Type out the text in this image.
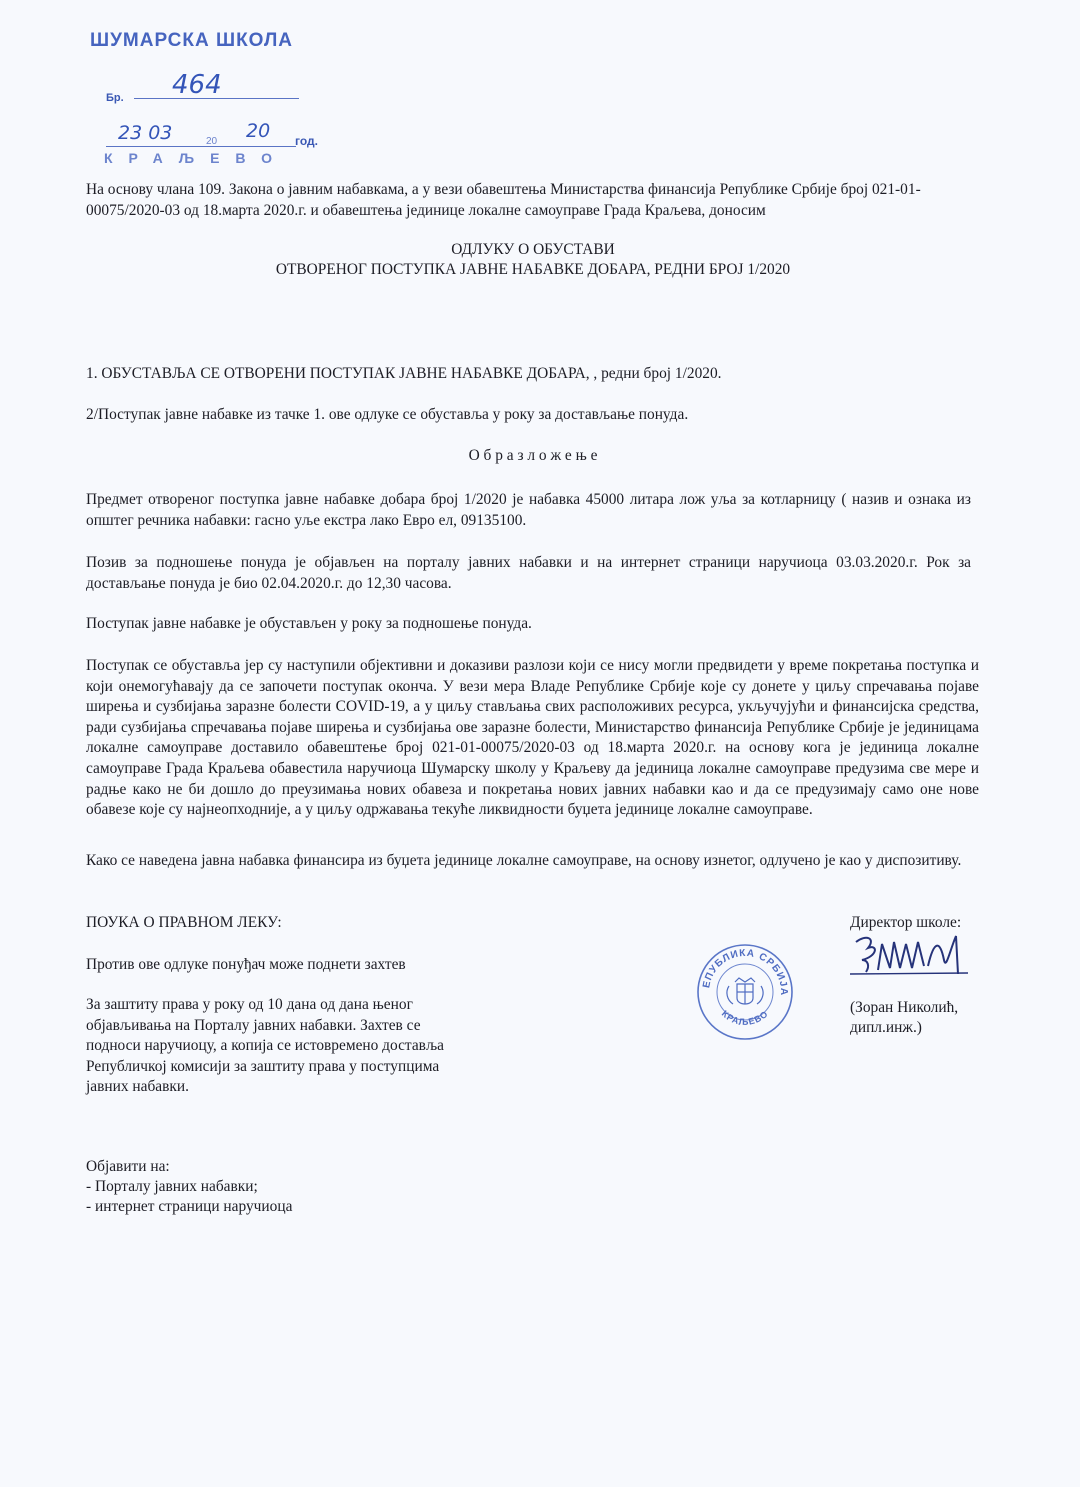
ШУМАРСКА ШКОЛА
464
Бр.
23 03	20 20 год.
КРАЉЕВО
На основу члана 109. Закона о јавним набавкама, а у вези обавештења Министарства финансија Републике Србије број 021-01-00075/2020-03 од 18.марта 2020.г. и обавештења јединице локалне самоуправе Града Краљева, доносим
ОДЛУКУ О ОБУСТАВИ
ОТВОРЕНОГ ПОСТУПКА ЈАВНЕ НАБАВКЕ ДОБАРА, РЕДНИ БРОЈ 1/2020
1. ОБУСТАВЉА СЕ ОТВОРЕНИ ПОСТУПАК ЈАВНЕ НАБАВКЕ ДОБАРА, , редни број 1/2020.
2/Поступак јавне набавке из тачке 1. ове одлуке се обуставља у року за достављање понуда.
О б р а з л о ж е њ е
Предмет отвореног поступка јавне набавке добара број 1/2020 је набавка 45000 литара лож уља за котларницу ( назив и ознака из општег речника набавки: гасно уље екстра лако Евро ел, 09135100.
Позив за подношење понуда је објављен на порталу јавних набавки и на интернет страници наручиоца 03.03.2020.г. Рок за достављање понуда је био 02.04.2020.г. до 12,30 часова.
Поступак јавне набавке је обустављен у року за подношење понуда.
Поступак се обуставља јер су наступили објективни и доказиви разлози који се нису могли предвидети у време покретања поступка и који онемогућавају да се започети поступак оконча. У вези мера Владе Републике Србије које су донете у циљу спречавања појаве ширења и сузбијања заразне болести COVID-19, а у циљу стављања свих расположивих ресурса, укључујући и финансијска средства, ради сузбијања спречавања појаве ширења и сузбијања ове заразне болести, Министарство финансија Републике Србије је јединицама локалне самоуправе доставило обавештење број 021-01-00075/2020-03 од 18.марта 2020.г. на основу кога је јединица локалне самоуправе Града Краљева обавестила наручиоца Шумарску школу у Краљеву да јединица локалне самоуправе предузима све мере и радње како не би дошло до преузимања нових обавеза и покретања нових јавних набавки као и да се предузимају само оне нове обавезе које су најнеопходније, а у циљу одржавања текуће ликвидности буџета јединице локалне самоуправе.
Како се наведена јавна набавка финансира из буџета јединице локалне самоуправе, на основу изнетог, одлучено је као у диспозитиву.
ПОУКА О ПРАВНОМ ЛЕКУ:
Против ове одлуке понуђач може поднети захтев
За заштиту права у року од 10 дана од дана њеног објављивања на Порталу јавних набавки. Захтев се подноси наручиоцу, а копија се истовремено доставља Републичкој комисији за заштиту права у поступцима јавних набавки.
Директор школе:
(Зоран Николић,
дипл.инж.)
ЕПУБЛИКА СРБИЈА
КРАЉЕВО
Објавити на:
- Порталу јавних набавки;
- интернет страници наручиоца
